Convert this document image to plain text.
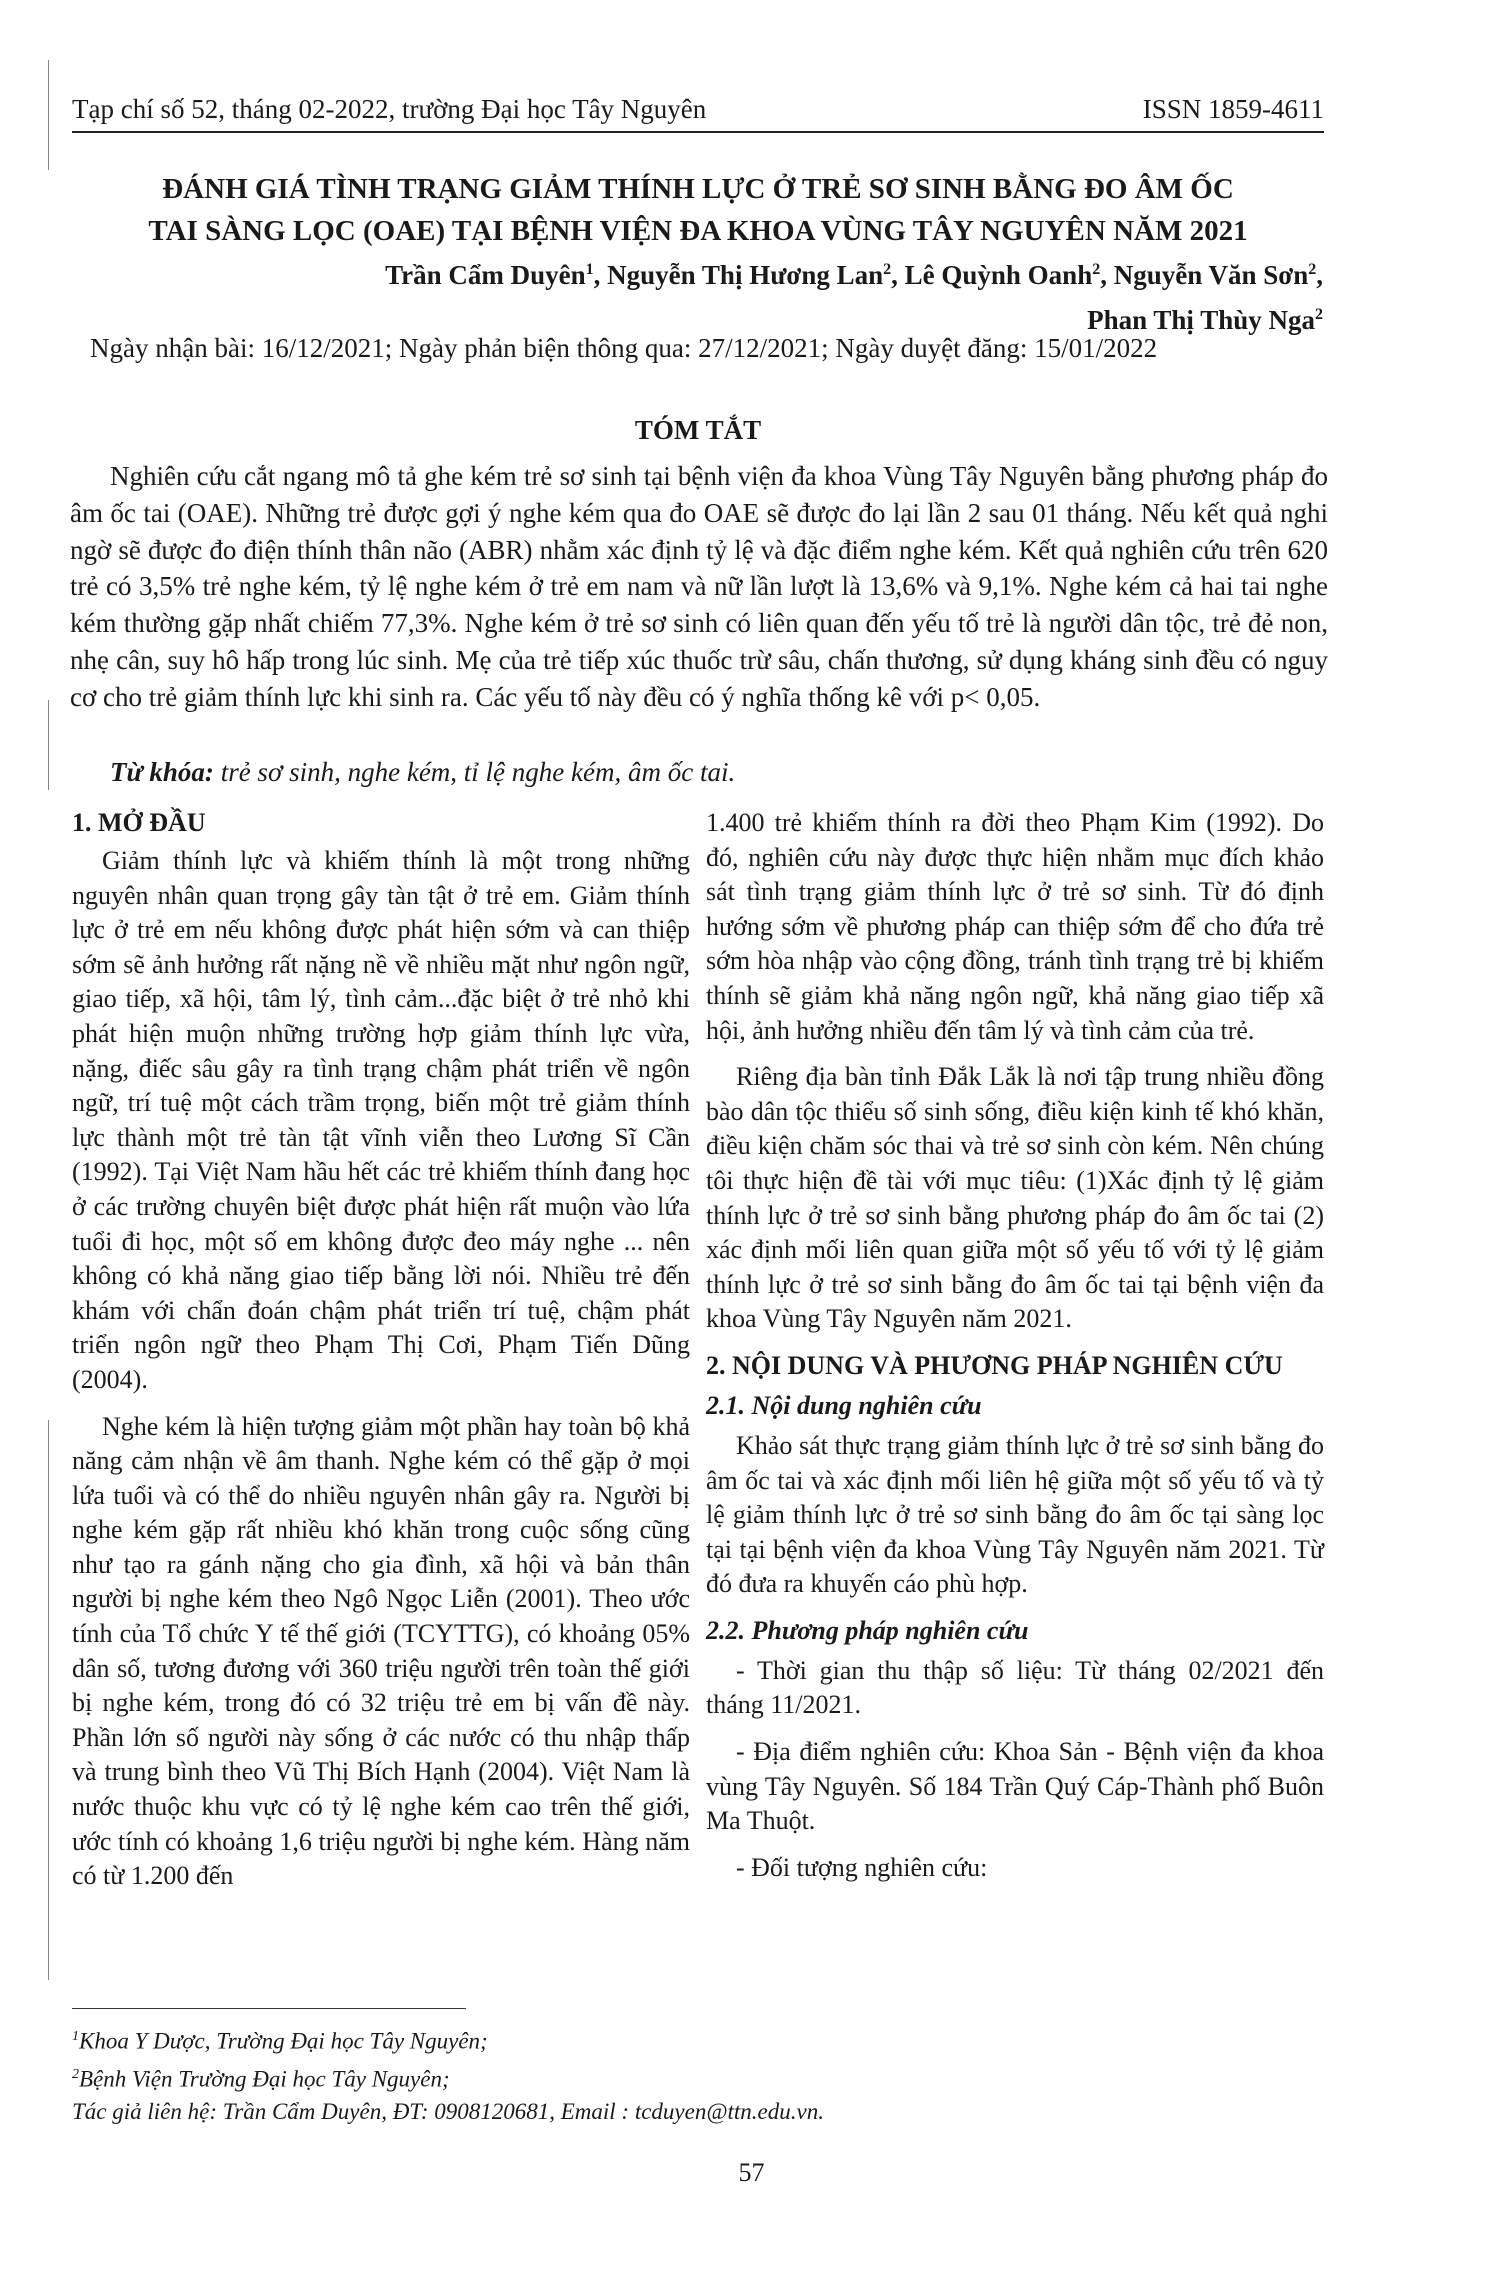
Tạp chí số 52, tháng 02-2022, trường Đại học Tây Nguyên	ISSN 1859-4611
ĐÁNH GIÁ TÌNH TRẠNG GIẢM THÍNH LỰC Ở TRẺ SƠ SINH BẰNG ĐO ÂM ỐC
TAI SÀNG LỌC (OAE) TẠI BỆNH VIỆN ĐA KHOA VÙNG TÂY NGUYÊN NĂM 2021
Trần Cẩm Duyên$^1$, Nguyễn Thị Hương Lan$^2$, Lê Quỳnh Oanh$^2$, Nguyễn Văn Sơn$^2$,
Phan Thị Thùy Nga$^2$
Ngày nhận bài: 16/12/2021; Ngày phản biện thông qua: 27/12/2021; Ngày duyệt đăng: 15/01/2022
TÓM TẮT

Nghiên cứu cắt ngang mô tả ghe kém trẻ sơ sinh tại bệnh viện đa khoa Vùng Tây Nguyên bằng phương pháp đo âm ốc tai (OAE). Những trẻ được gợi ý nghe kém qua đo OAE sẽ được đo lại lần 2 sau 01 tháng. Nếu kết quả nghi ngờ sẽ được đo điện thính thân não (ABR) nhằm xác định tỷ lệ và đặc điểm nghe kém. Kết quả nghiên cứu trên 620 trẻ có 3,5% trẻ nghe kém, tỷ lệ nghe kém ở trẻ em nam và nữ lần lượt là 13,6% và 9,1%. Nghe kém cả hai tai nghe kém thường gặp nhất chiếm 77,3%. Nghe kém ở trẻ sơ sinh có liên quan đến yếu tố trẻ là người dân tộc, trẻ đẻ non, nhẹ cân, suy hô hấp trong lúc sinh. Mẹ của trẻ tiếp xúc thuốc trừ sâu, chấn thương, sử dụng kháng sinh đều có nguy cơ cho trẻ giảm thính lực khi sinh ra. Các yếu tố này đều có ý nghĩa thống kê với p< 0,05.

Từ khóa: trẻ sơ sinh, nghe kém, tỉ lệ nghe kém, âm ốc tai.
1. MỞ ĐẦU

Giảm thính lực và khiếm thính là một trong những nguyên nhân quan trọng gây tàn tật ở trẻ em. Giảm thính lực ở trẻ em nếu không được phát hiện sớm và can thiệp sớm sẽ ảnh hưởng rất nặng nề về nhiều mặt như ngôn ngữ, giao tiếp, xã hội, tâm lý, tình cảm...đặc biệt ở trẻ nhỏ khi phát hiện muộn những trường hợp giảm thính lực vừa, nặng, điếc sâu gây ra tình trạng chậm phát triển về ngôn ngữ, trí tuệ một cách trầm trọng, biến một trẻ giảm thính lực thành một trẻ tàn tật vĩnh viễn theo Lương Sĩ Cần (1992). Tại Việt Nam hầu hết các trẻ khiếm thính đang học ở các trường chuyên biệt được phát hiện rất muộn vào lứa tuổi đi học, một số em không được đeo máy nghe ... nên không có khả năng giao tiếp bằng lời nói. Nhiều trẻ đến khám với chẩn đoán chậm phát triển trí tuệ, chậm phát triển ngôn ngữ theo Phạm Thị Cơi, Phạm Tiến Dũng (2004).

Nghe kém là hiện tượng giảm một phần hay toàn bộ khả năng cảm nhận về âm thanh. Nghe kém có thể gặp ở mọi lứa tuổi và có thể do nhiều nguyên nhân gây ra. Người bị nghe kém gặp rất nhiều khó khăn trong cuộc sống cũng như tạo ra gánh nặng cho gia đình, xã hội và bản thân người bị nghe kém theo Ngô Ngọc Liễn (2001). Theo ước tính của Tổ chức Y tế thế giới (TCYTTG), có khoảng 05% dân số, tương đương với 360 triệu người trên toàn thế giới bị nghe kém, trong đó có 32 triệu trẻ em bị vấn đề này. Phần lớn số người này sống ở các nước có thu nhập thấp và trung bình theo Vũ Thị Bích Hạnh (2004). Việt Nam là nước thuộc khu vực có tỷ lệ nghe kém cao trên thế giới, ước tính có khoảng 1,6 triệu người bị nghe kém. Hàng năm có từ 1.200 đến

1.400 trẻ khiếm thính ra đời theo Phạm Kim (1992). Do đó, nghiên cứu này được thực hiện nhằm mục đích khảo sát tình trạng giảm thính lực ở trẻ sơ sinh. Từ đó định hướng sớm về phương pháp can thiệp sớm để cho đứa trẻ sớm hòa nhập vào cộng đồng, tránh tình trạng trẻ bị khiếm thính sẽ giảm khả năng ngôn ngữ, khả năng giao tiếp xã hội, ảnh hưởng nhiều đến tâm lý và tình cảm của trẻ.

Riêng địa bàn tỉnh Đắk Lắk là nơi tập trung nhiều đồng bào dân tộc thiểu số sinh sống, điều kiện kinh tế khó khăn, điều kiện chăm sóc thai và trẻ sơ sinh còn kém. Nên chúng tôi thực hiện đề tài với mục tiêu: (1)Xác định tỷ lệ giảm thính lực ở trẻ sơ sinh bằng phương pháp đo âm ốc tai (2) xác định mối liên quan giữa một số yếu tố với tỷ lệ giảm thính lực ở trẻ sơ sinh bằng đo âm ốc tai tại bệnh viện đa khoa Vùng Tây Nguyên năm 2021.

2. NỘI DUNG VÀ PHƯƠNG PHÁP NGHIÊN CỨU
2.1. Nội dung nghiên cứu

Khảo sát thực trạng giảm thính lực ở trẻ sơ sinh bằng đo âm ốc tai và xác định mối liên hệ giữa một số yếu tố và tỷ lệ giảm thính lực ở trẻ sơ sinh bằng đo âm ốc tại sàng lọc tại tại bệnh viện đa khoa Vùng Tây Nguyên năm 2021. Từ đó đưa ra khuyến cáo phù hợp.

2.2. Phương pháp nghiên cứu

- Thời gian thu thập số liệu: Từ tháng 02/2021 đến tháng 11/2021.

- Địa điểm nghiên cứu: Khoa Sản - Bệnh viện đa khoa vùng Tây Nguyên. Số 184 Trần Quý Cáp-Thành phố Buôn Ma Thuột.

- Đối tượng nghiên cứu:

$^1$Khoa Y Dược, Trường Đại học Tây Nguyên;
$^2$Bệnh Viện Trường Đại học Tây Nguyên;
Tác giả liên hệ: Trần Cẩm Duyên, ĐT: 0908120681, Email : tcduyen@ttn.edu.vn.
57
